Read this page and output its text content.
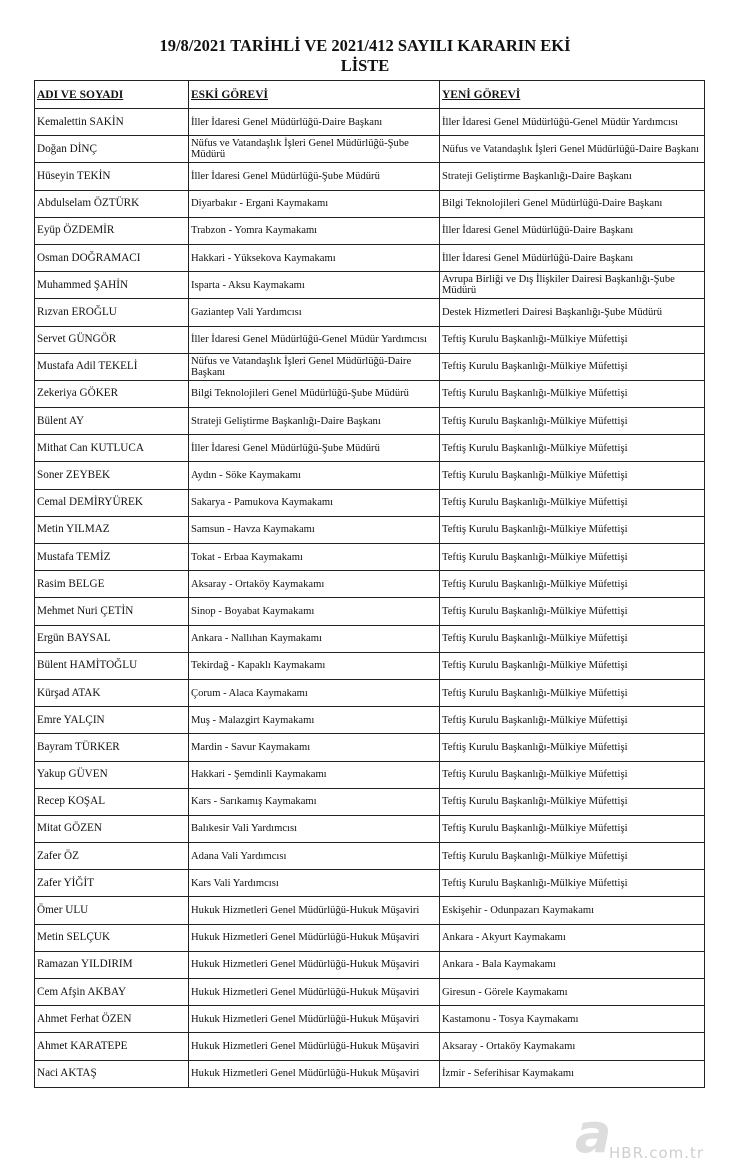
19/8/2021 TARİHLİ VE 2021/412 SAYILI KARARIN EKİ
LİSTE
ADI VE SOYADI	ESKİ GÖREVİ	YENİ GÖREVİ
Kemalettin SAKİN	İller İdaresi Genel Müdürlüğü-Daire Başkanı	İller İdaresi Genel Müdürlüğü-Genel Müdür Yardımcısı
Doğan DİNÇ	Nüfus ve Vatandaşlık İşleri Genel Müdürlüğü-Şube Müdürü	Nüfus ve Vatandaşlık İşleri Genel Müdürlüğü-Daire Başkanı
Hüseyin TEKİN	İller İdaresi Genel Müdürlüğü-Şube Müdürü	Strateji Geliştirme Başkanlığı-Daire Başkanı
Abdulselam ÖZTÜRK	Diyarbakır - Ergani Kaymakamı	Bilgi Teknolojileri Genel Müdürlüğü-Daire Başkanı
Eyüp ÖZDEMİR	Trabzon - Yomra Kaymakamı	İller İdaresi Genel Müdürlüğü-Daire Başkanı
Osman DOĞRAMACI	Hakkari - Yüksekova Kaymakamı	İller İdaresi Genel Müdürlüğü-Daire Başkanı
Muhammed ŞAHİN	Isparta - Aksu Kaymakamı	Avrupa Birliği ve Dış İlişkiler Dairesi Başkanlığı-Şube Müdürü
Rızvan EROĞLU	Gaziantep Vali Yardımcısı	Destek Hizmetleri Dairesi Başkanlığı-Şube Müdürü
Servet GÜNGÖR	İller İdaresi Genel Müdürlüğü-Genel Müdür Yardımcısı	Teftiş Kurulu Başkanlığı-Mülkiye Müfettişi
Mustafa Adil TEKELİ	Nüfus ve Vatandaşlık İşleri Genel Müdürlüğü-Daire Başkanı	Teftiş Kurulu Başkanlığı-Mülkiye Müfettişi
Zekeriya GÖKER	Bilgi Teknolojileri Genel Müdürlüğü-Şube Müdürü	Teftiş Kurulu Başkanlığı-Mülkiye Müfettişi
Bülent AY	Strateji Geliştirme Başkanlığı-Daire Başkanı	Teftiş Kurulu Başkanlığı-Mülkiye Müfettişi
Mithat Can KUTLUCA	İller İdaresi Genel Müdürlüğü-Şube Müdürü	Teftiş Kurulu Başkanlığı-Mülkiye Müfettişi
Soner ZEYBEK	Aydın - Söke Kaymakamı	Teftiş Kurulu Başkanlığı-Mülkiye Müfettişi
Cemal DEMİRYÜREK	Sakarya - Pamukova Kaymakamı	Teftiş Kurulu Başkanlığı-Mülkiye Müfettişi
Metin YILMAZ	Samsun - Havza Kaymakamı	Teftiş Kurulu Başkanlığı-Mülkiye Müfettişi
Mustafa TEMİZ	Tokat - Erbaa Kaymakamı	Teftiş Kurulu Başkanlığı-Mülkiye Müfettişi
Rasim BELGE	Aksaray - Ortaköy Kaymakamı	Teftiş Kurulu Başkanlığı-Mülkiye Müfettişi
Mehmet Nuri ÇETİN	Sinop - Boyabat Kaymakamı	Teftiş Kurulu Başkanlığı-Mülkiye Müfettişi
Ergün BAYSAL	Ankara - Nallıhan Kaymakamı	Teftiş Kurulu Başkanlığı-Mülkiye Müfettişi
Bülent HAMİTOĞLU	Tekirdağ - Kapaklı Kaymakamı	Teftiş Kurulu Başkanlığı-Mülkiye Müfettişi
Kürşad ATAK	Çorum - Alaca Kaymakamı	Teftiş Kurulu Başkanlığı-Mülkiye Müfettişi
Emre YALÇIN	Muş - Malazgirt Kaymakamı	Teftiş Kurulu Başkanlığı-Mülkiye Müfettişi
Bayram TÜRKER	Mardin - Savur Kaymakamı	Teftiş Kurulu Başkanlığı-Mülkiye Müfettişi
Yakup GÜVEN	Hakkari - Şemdinli Kaymakamı	Teftiş Kurulu Başkanlığı-Mülkiye Müfettişi
Recep KOŞAL	Kars - Sarıkamış Kaymakamı	Teftiş Kurulu Başkanlığı-Mülkiye Müfettişi
Mitat GÖZEN	Balıkesir Vali Yardımcısı	Teftiş Kurulu Başkanlığı-Mülkiye Müfettişi
Zafer ÖZ	Adana Vali Yardımcısı	Teftiş Kurulu Başkanlığı-Mülkiye Müfettişi
Zafer YİĞİT	Kars Vali Yardımcısı	Teftiş Kurulu Başkanlığı-Mülkiye Müfettişi
Ömer ULU	Hukuk Hizmetleri Genel Müdürlüğü-Hukuk Müşaviri	Eskişehir - Odunpazarı Kaymakamı
Metin SELÇUK	Hukuk Hizmetleri Genel Müdürlüğü-Hukuk Müşaviri	Ankara - Akyurt Kaymakamı
Ramazan YILDIRIM	Hukuk Hizmetleri Genel Müdürlüğü-Hukuk Müşaviri	Ankara - Bala Kaymakamı
Cem Afşin AKBAY	Hukuk Hizmetleri Genel Müdürlüğü-Hukuk Müşaviri	Giresun - Görele Kaymakamı
Ahmet Ferhat ÖZEN	Hukuk Hizmetleri Genel Müdürlüğü-Hukuk Müşaviri	Kastamonu - Tosya Kaymakamı
Ahmet KARATEPE	Hukuk Hizmetleri Genel Müdürlüğü-Hukuk Müşaviri	Aksaray - Ortaköy Kaymakamı
Naci AKTAŞ	Hukuk Hizmetleri Genel Müdürlüğü-Hukuk Müşaviri	İzmir - Seferihisar Kaymakamı
a
HBR.com.tr
